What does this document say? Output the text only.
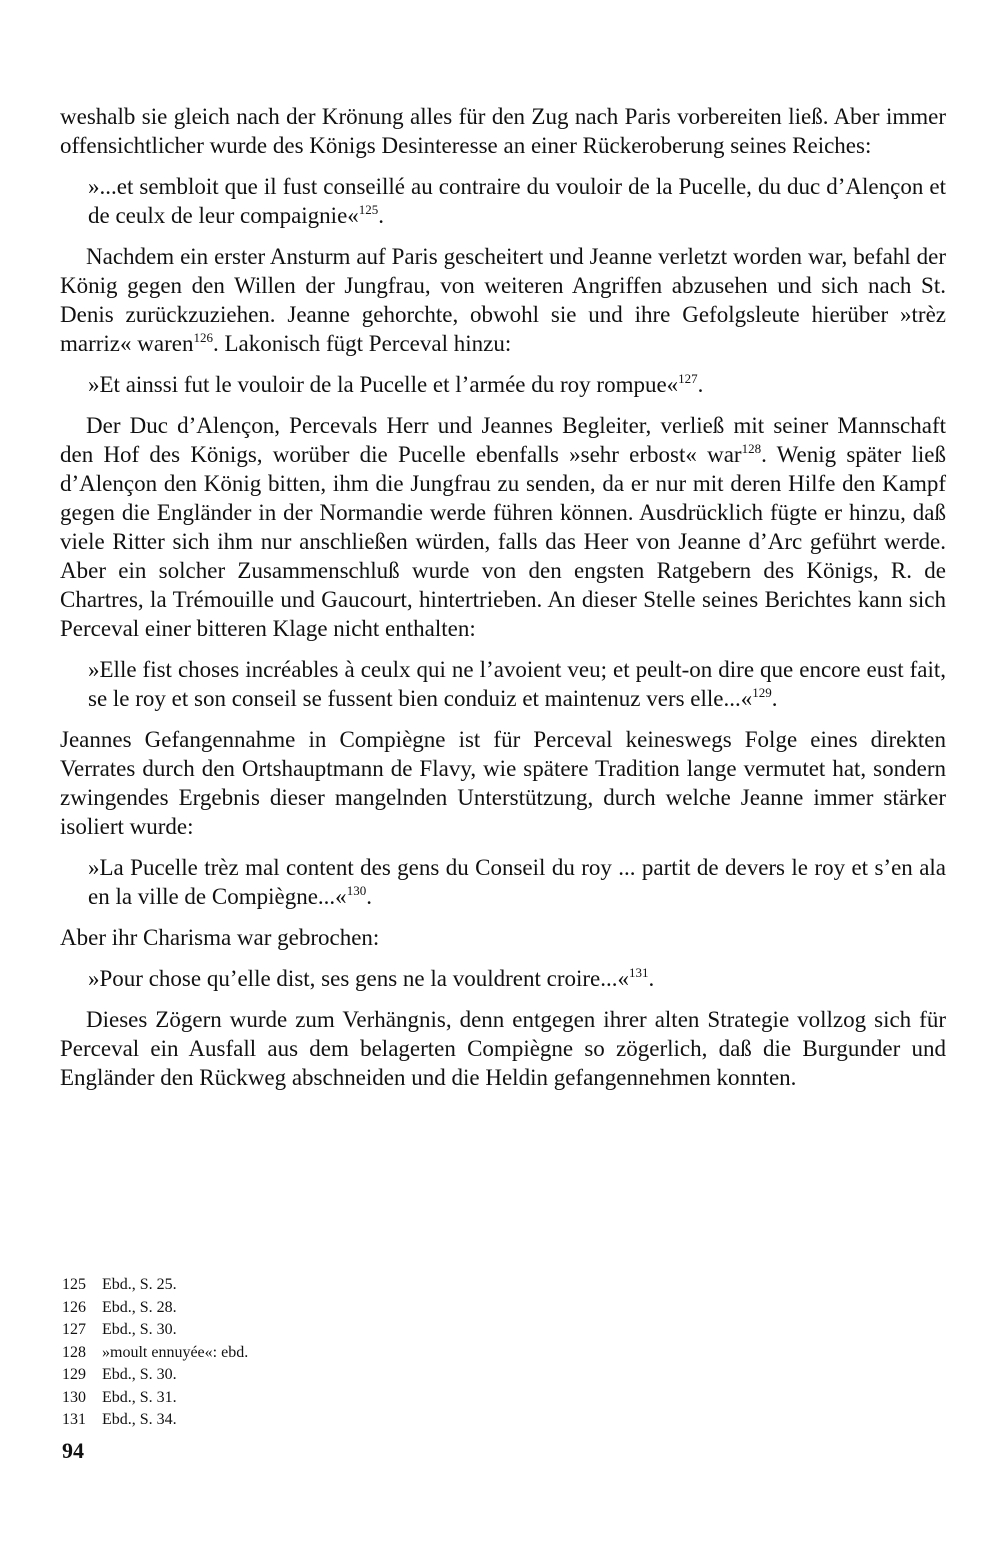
weshalb sie gleich nach der Krönung alles für den Zug nach Paris vorbereiten ließ. Aber immer offensichtlicher wurde des Königs Desinteresse an einer Rückeroberung seines Reiches:

»...et sembloit que il fust conseillé au contraire du vouloir de la Pucelle, du duc d’Alençon et de ceulx de leur compaignie«$^{125}$.

Nachdem ein erster Ansturm auf Paris gescheitert und Jeanne verletzt worden war, befahl der König gegen den Willen der Jungfrau, von weiteren Angriffen abzusehen und sich nach St. Denis zurückzuziehen. Jeanne gehorchte, obwohl sie und ihre Gefolgsleute hierüber »trèz marriz« waren$^{126}$. Lakonisch fügt Perceval hinzu:

»Et ainssi fut le vouloir de la Pucelle et l’armée du roy rompue«$^{127}$.

Der Duc d’Alençon, Percevals Herr und Jeannes Begleiter, verließ mit seiner Mannschaft den Hof des Königs, worüber die Pucelle ebenfalls »sehr erbost« war$^{128}$. Wenig später ließ d’Alençon den König bitten, ihm die Jungfrau zu senden, da er nur mit deren Hilfe den Kampf gegen die Engländer in der Normandie werde führen können. Ausdrücklich fügte er hinzu, daß viele Ritter sich ihm nur anschließen würden, falls das Heer von Jeanne d’Arc geführt werde. Aber ein solcher Zusammenschluß wurde von den engsten Ratgebern des Königs, R. de Chartres, la Trémouille und Gaucourt, hintertrieben. An dieser Stelle seines Berichtes kann sich Perceval einer bitteren Klage nicht enthalten:

»Elle fist choses incréables à ceulx qui ne l’avoient veu; et peult-on dire que encore eust fait, se le roy et son conseil se fussent bien conduiz et maintenuz vers elle...«$^{129}$.

Jeannes Gefangennahme in Compiègne ist für Perceval keineswegs Folge eines direkten Verrates durch den Ortshauptmann de Flavy, wie spätere Tradition lange vermutet hat, sondern zwingendes Ergebnis dieser mangelnden Unterstützung, durch welche Jeanne immer stärker isoliert wurde:

»La Pucelle trèz mal content des gens du Conseil du roy ... partit de devers le roy et s’en ala en la ville de Compiègne...«$^{130}$.

Aber ihr Charisma war gebrochen:

»Pour chose qu’elle dist, ses gens ne la vouldrent croire...«$^{131}$.

Dieses Zögern wurde zum Verhängnis, denn entgegen ihrer alten Strategie vollzog sich für Perceval ein Ausfall aus dem belagerten Compiègne so zögerlich, daß die Burgunder und Engländer den Rückweg abschneiden und die Heldin gefangennehmen konnten.

125 Ebd., S. 25.

126 Ebd., S. 28.

127 Ebd., S. 30.

128 »moult ennuyée«: ebd.

129 Ebd., S. 30.

130 Ebd., S. 31.

131 Ebd., S. 34.

94
